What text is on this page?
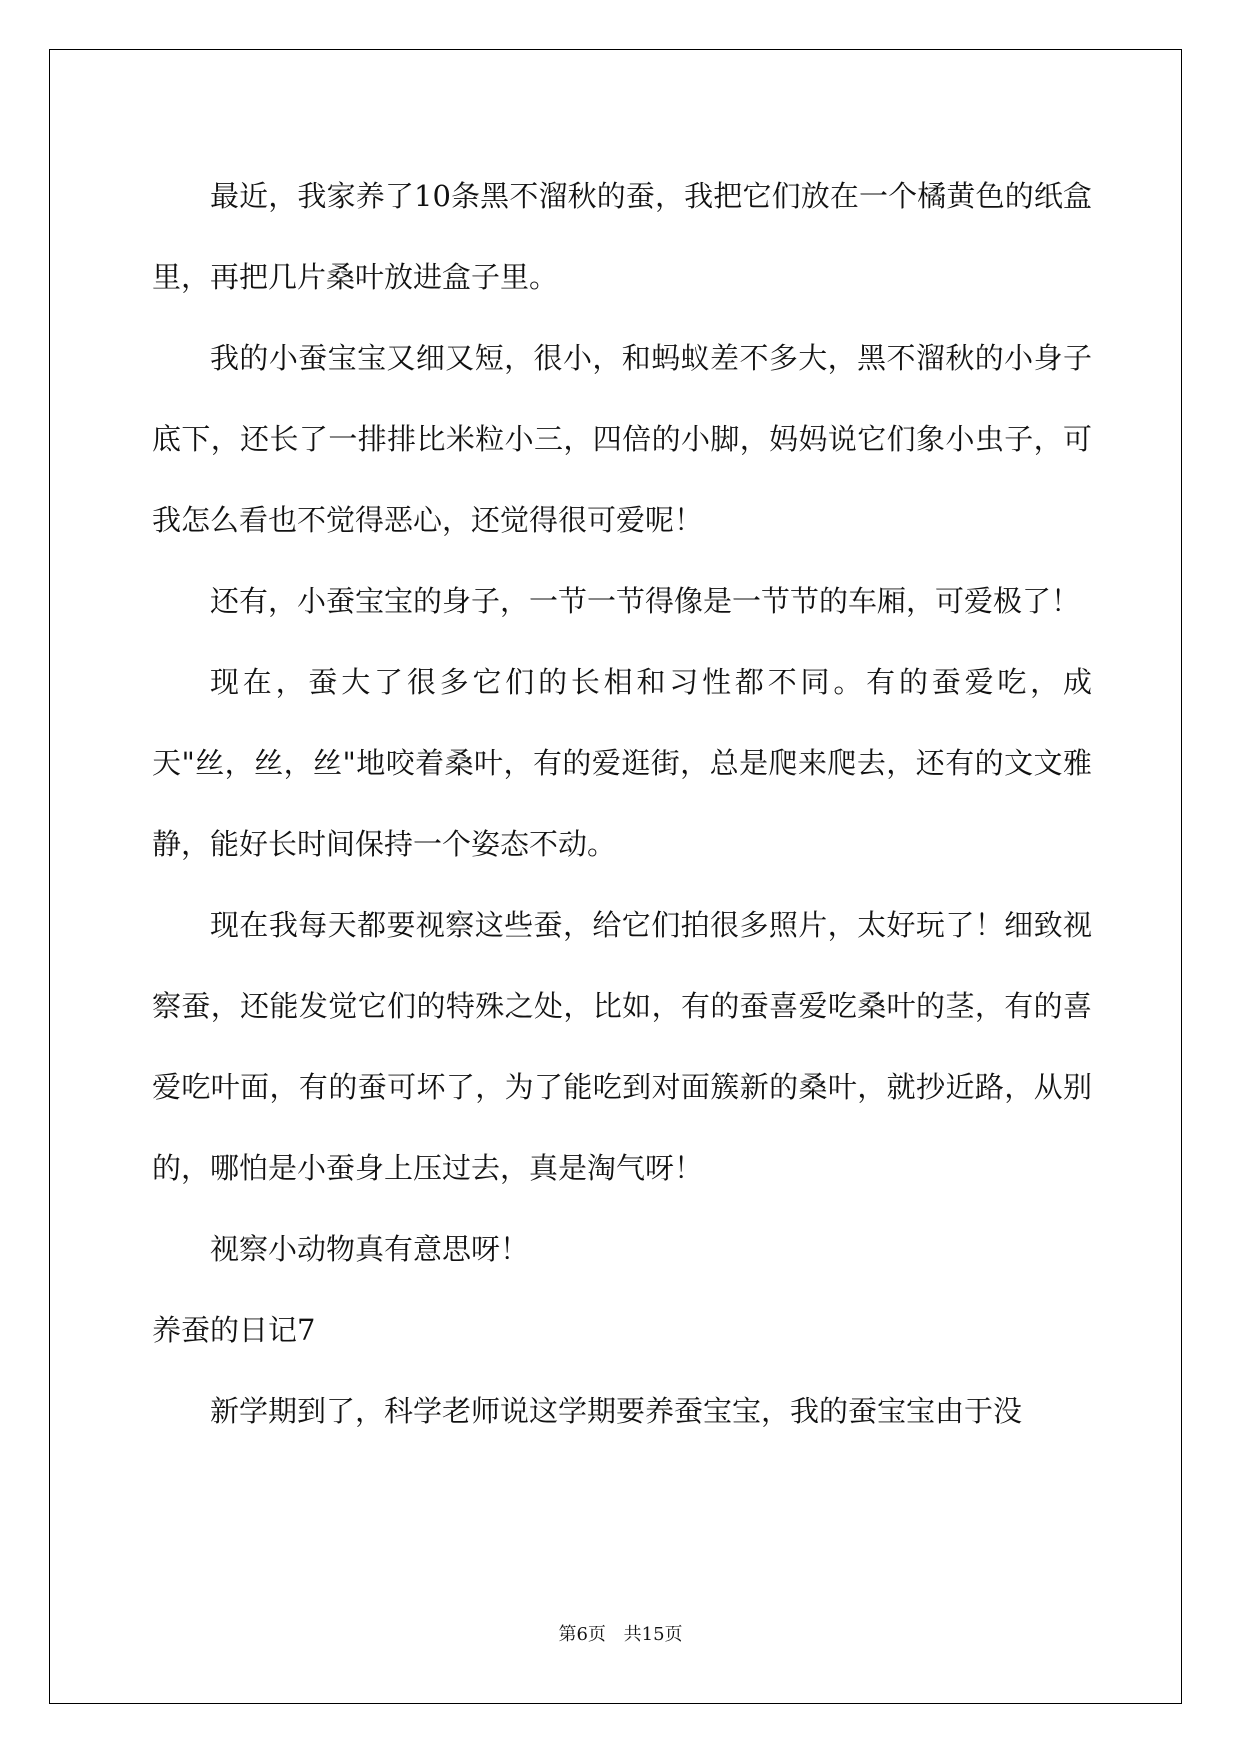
最近，我家养了10条黑不溜秋的蚕，我把它们放在一个橘黄色的纸盒里，再把几片桑叶放进盒子里。

我的小蚕宝宝又细又短，很小，和蚂蚁差不多大，黑不溜秋的小身子底下，还长了一排排比米粒小三，四倍的小脚，妈妈说它们象小虫子，可我怎么看也不觉得恶心，还觉得很可爱呢！

还有，小蚕宝宝的身子，一节一节得像是一节节的车厢，可爱极了！

现在，蚕大了很多它们的长相和习性都不同。有的蚕爱吃，成天"丝，丝，丝"地咬着桑叶，有的爱逛街，总是爬来爬去，还有的文文雅静，能好长时间保持一个姿态不动。

现在我每天都要视察这些蚕，给它们拍很多照片，太好玩了！细致视察蚕，还能发觉它们的特殊之处，比如，有的蚕喜爱吃桑叶的茎，有的喜爱吃叶面，有的蚕可坏了，为了能吃到对面簇新的桑叶，就抄近路，从别的，哪怕是小蚕身上压过去，真是淘气呀！

视察小动物真有意思呀！

养蚕的日记7

新学期到了，科学老师说这学期要养蚕宝宝，我的蚕宝宝由于没

第6页 共15页
